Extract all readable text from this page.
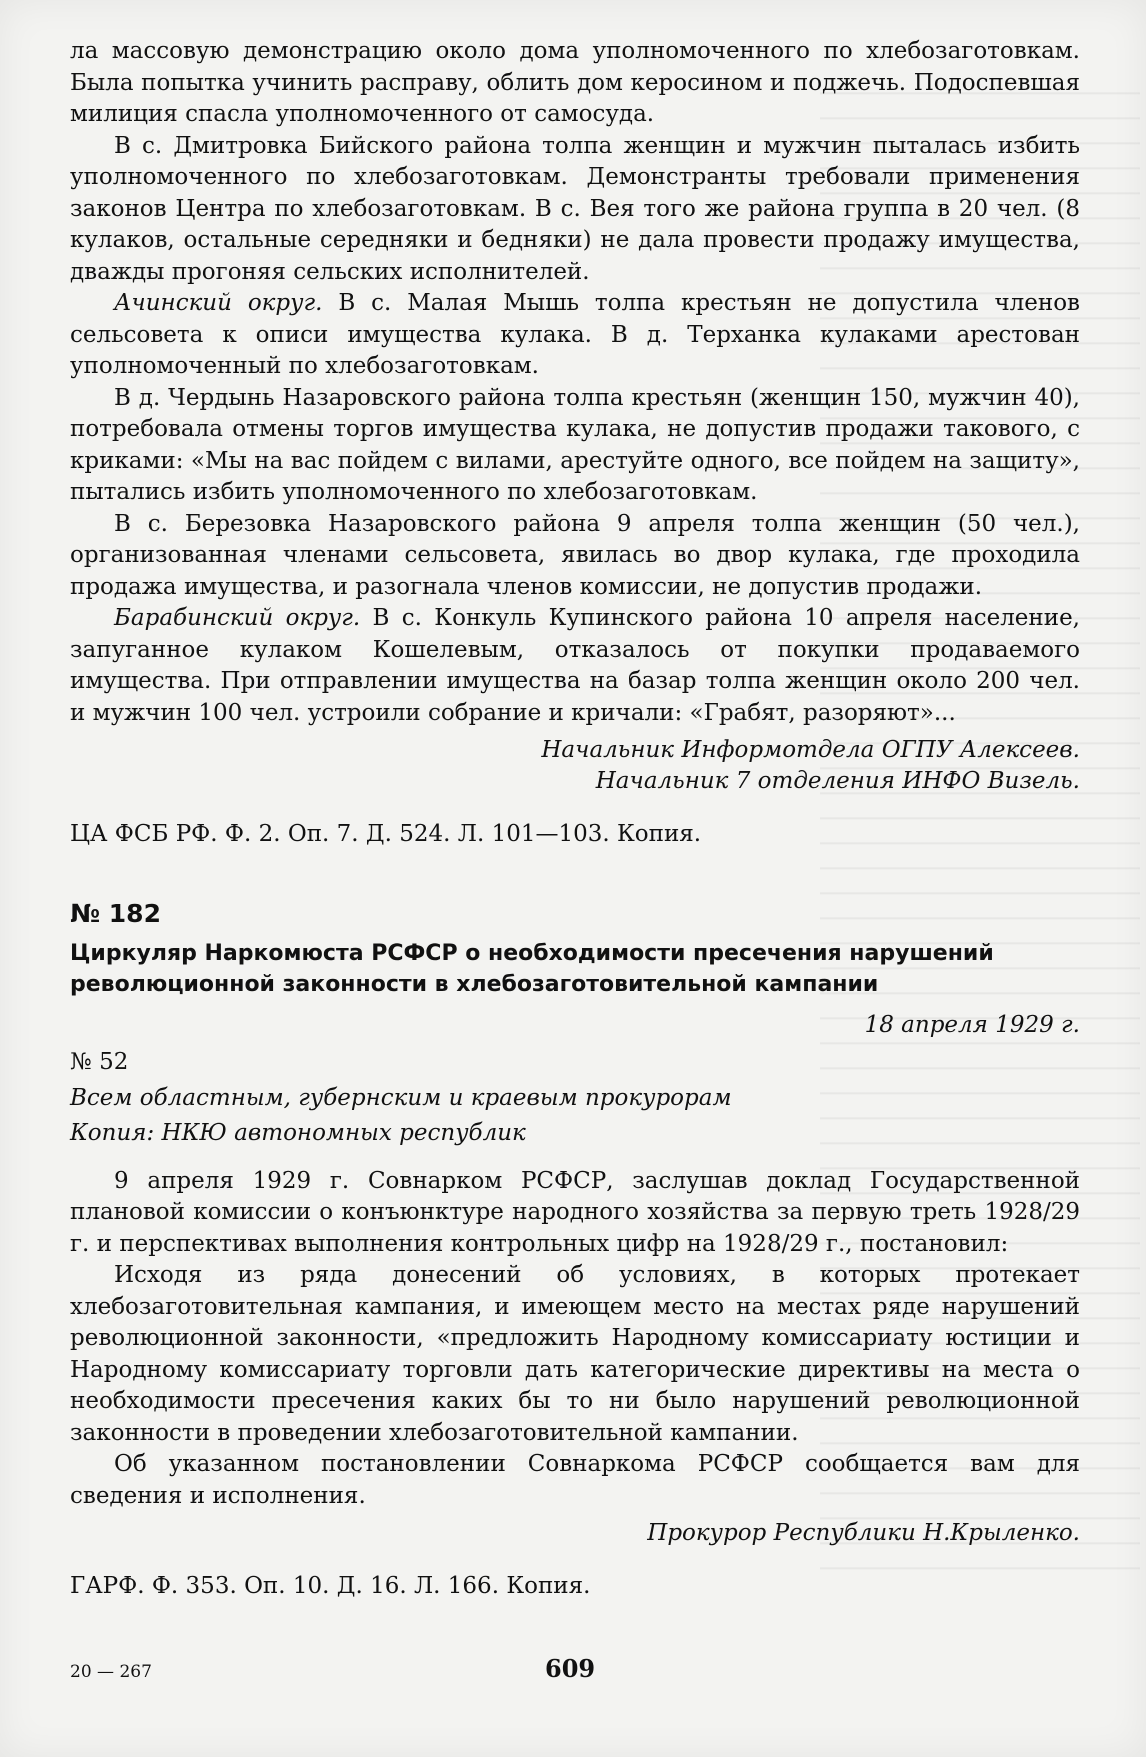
ла массовую демонстрацию около дома уполномоченного по хлебозаготовкам. Была попытка учинить расправу, облить дом керосином и поджечь. Подоспевшая милиция спасла уполномоченного от самосуда.

В с. Дмитровка Бийского района толпа женщин и мужчин пыталась избить уполномоченного по хлебозаготовкам. Демонстранты требовали применения законов Центра по хлебозаготовкам. В с. Вея того же района группа в 20 чел. (8 кулаков, остальные середняки и бедняки) не дала провести продажу имущества, дважды прогоняя сельских исполнителей.

Ачинский округ. В с. Малая Мышь толпа крестьян не допустила членов сельсовета к описи имущества кулака. В д. Терханка кулаками арестован уполномоченный по хлебозаготовкам.

В д. Чердынь Назаровского района толпа крестьян (женщин 150, мужчин 40), потребовала отмены торгов имущества кулака, не допустив продажи такового, с криками: «Мы на вас пойдем с вилами, арестуйте одного, все пойдем на защиту», пытались избить уполномоченного по хлебозаготовкам.

В с. Березовка Назаровского района 9 апреля толпа женщин (50 чел.), организованная членами сельсовета, явилась во двор кулака, где проходила продажа имущества, и разогнала членов комиссии, не допустив продажи.

Барабинский округ. В с. Конкуль Купинского района 10 апреля население, запуганное кулаком Кошелевым, отказалось от покупки продаваемого имущества. При отправлении имущества на базар толпа женщин около 200 чел. и мужчин 100 чел. устроили собрание и кричали: «Грабят, разоряют»...

Начальник Информотдела ОГПУ Алексеев.
Начальник 7 отделения ИНФО Визель.

ЦА ФСБ РФ. Ф. 2. Оп. 7. Д. 524. Л. 101—103. Копия.

№ 182
Циркуляр Наркомюста РСФСР о необходимости пресечения нарушений революционной законности в хлебозаготовительной кампании
18 апреля 1929 г.
№ 52
Всем областным, губернским и краевым прокурорам
Копия: НКЮ автономных республик

9 апреля 1929 г. Совнарком РСФСР, заслушав доклад Государственной плановой комиссии о конъюнктуре народного хозяйства за первую треть 1928/29 г. и перспективах выполнения контрольных цифр на 1928/29 г., постановил:

Исходя из ряда донесений об условиях, в которых протекает хлебозаготовительная кампания, и имеющем место на местах ряде нарушений революционной законности, «предложить Народному комиссариату юстиции и Народному комиссариату торговли дать категорические директивы на места о необходимости пресечения каких бы то ни было нарушений революционной законности в проведении хлебозаготовительной кампании.

Об указанном постановлении Совнаркома РСФСР сообщается вам для сведения и исполнения.

Прокурор Республики Н.Крыленко.

ГАРФ. Ф. 353. Оп. 10. Д. 16. Л. 166. Копия.

20 — 267	609
